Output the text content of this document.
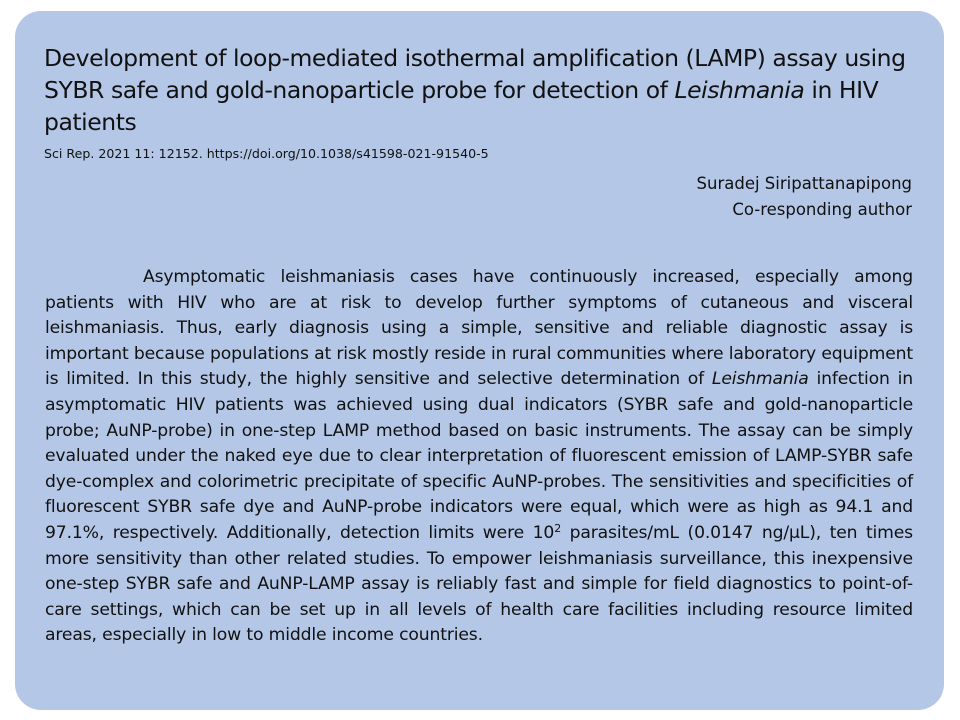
Development of loop-mediated isothermal amplification (LAMP) assay using SYBR safe and gold-nanoparticle probe for detection of Leishmania in HIV patients
Sci Rep. 2021 11: 12152. https://doi.org/10.1038/s41598-021-91540-5
Suradej Siripattanapipong
Co-responding author

Asymptomatic leishmaniasis cases have continuously increased, especially among patients with HIV who are at risk to develop further symptoms of cutaneous and visceral leishmaniasis. Thus, early diagnosis using a simple, sensitive and reliable diagnostic assay is important because populations at risk mostly reside in rural communities where laboratory equipment is limited. In this study, the highly sensitive and selective determination of Leishmania infection in asymptomatic HIV patients was achieved using dual indicators (SYBR safe and gold-nanoparticle probe; AuNP-probe) in one-step LAMP method based on basic instruments. The assay can be simply evaluated under the naked eye due to clear interpretation of fluorescent emission of LAMP-SYBR safe dye-complex and colorimetric precipitate of specific AuNP-probes. The sensitivities and specificities of fluorescent SYBR safe dye and AuNP-probe indicators were equal, which were as high as 94.1 and 97.1%, respectively. Additionally, detection limits were $10^2$ parasites/mL (0.0147 ng/μL), ten times more sensitivity than other related studies. To empower leishmaniasis surveillance, this inexpensive one-step SYBR safe and AuNP-LAMP assay is reliably fast and simple for field diagnostics to point-of-care settings, which can be set up in all levels of health care facilities including resource limited areas, especially in low to middle income countries.
